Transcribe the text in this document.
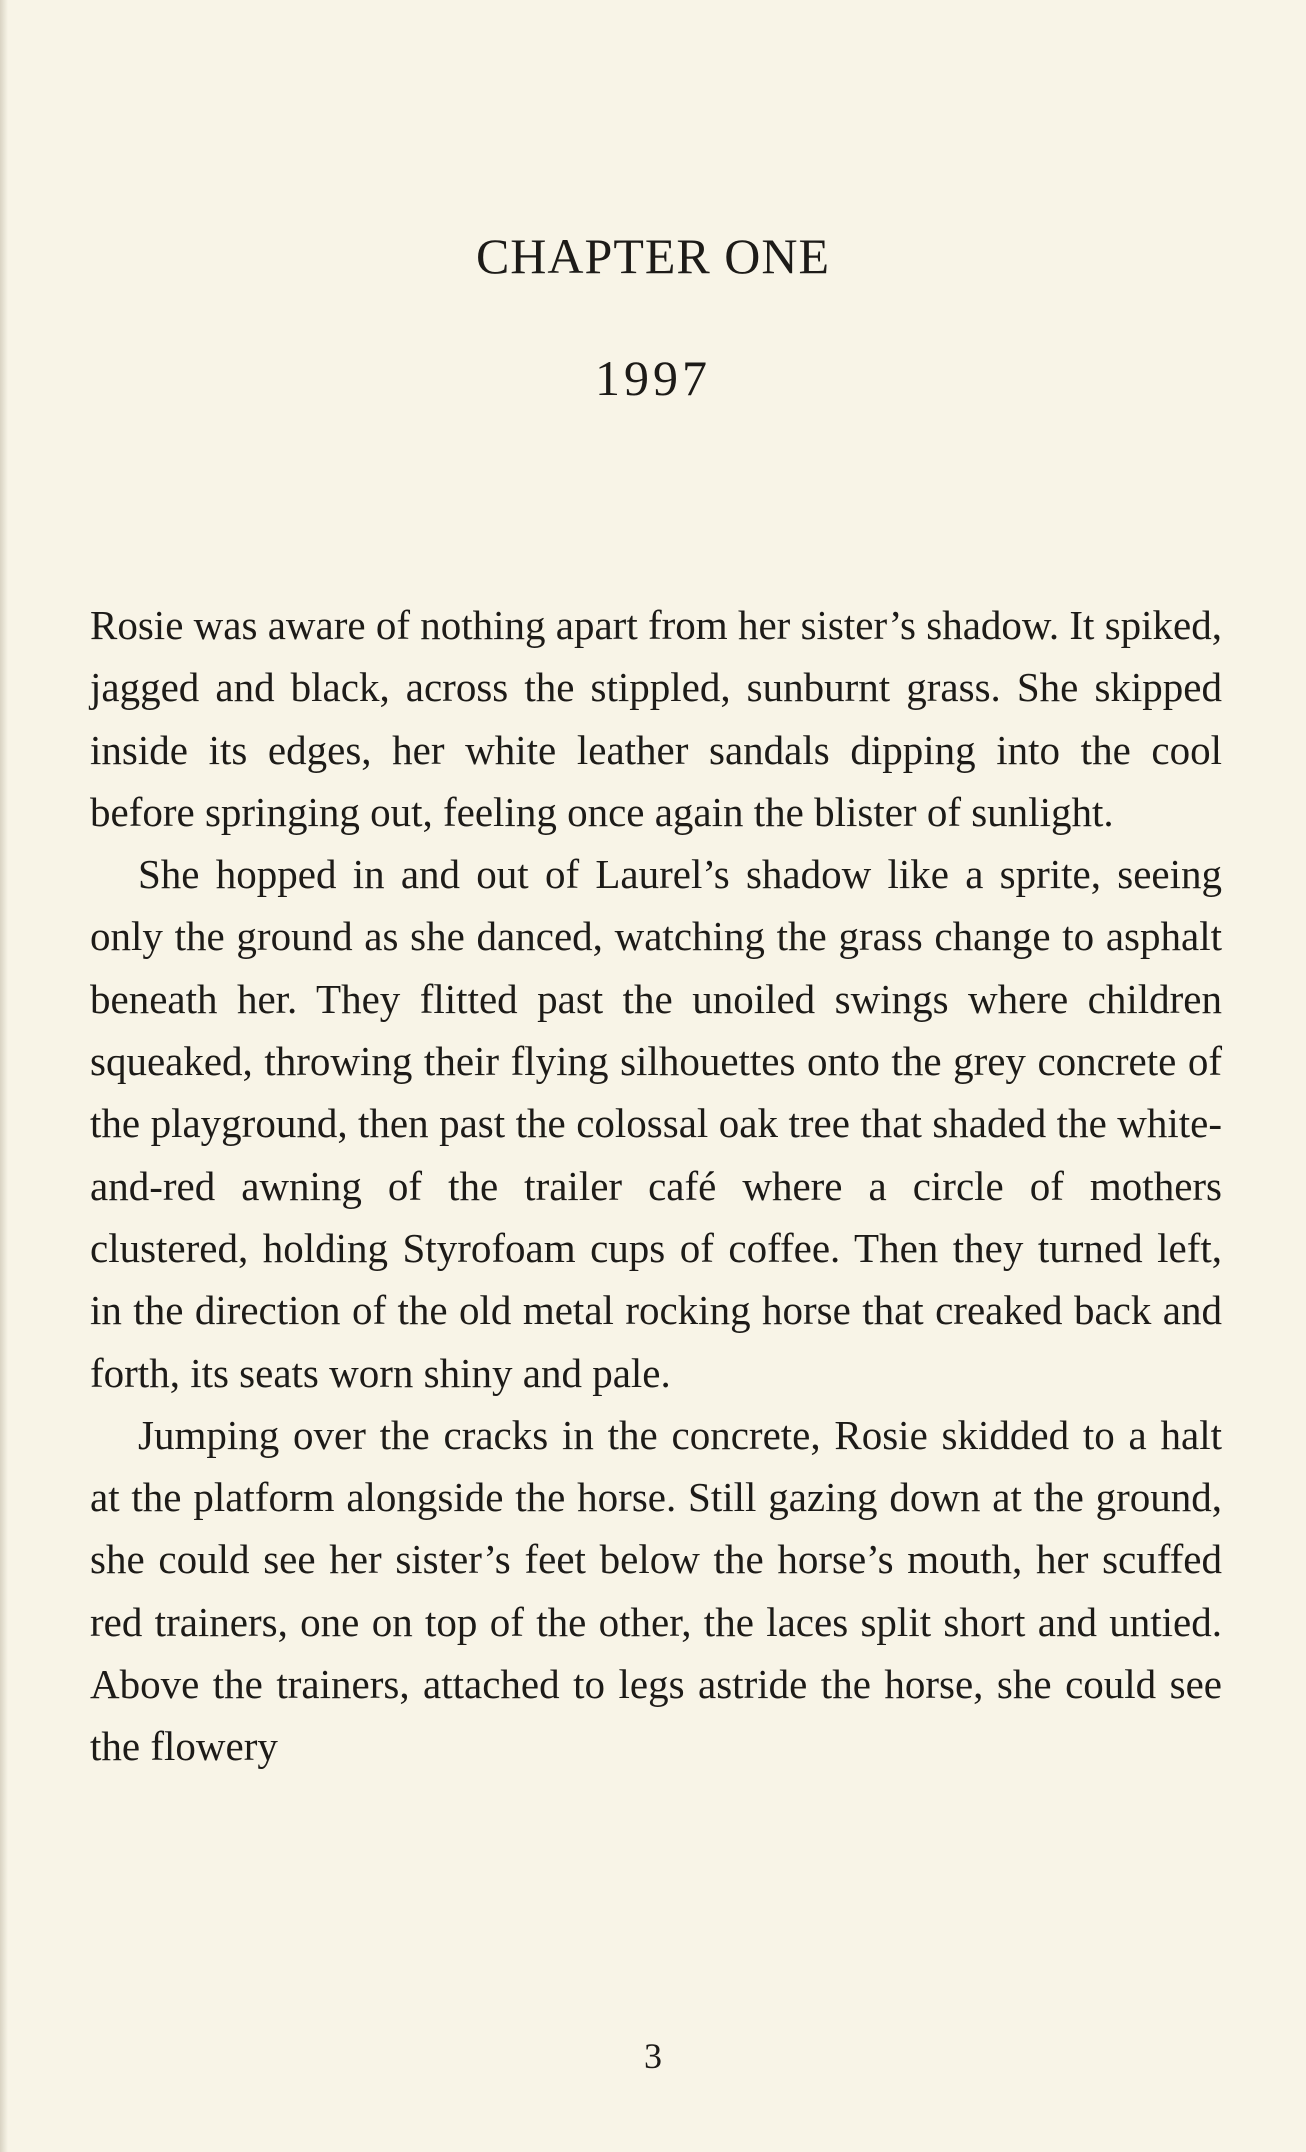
CHAPTER ONE
1997

Rosie was aware of nothing apart from her sister’s shadow. It spiked, jagged and black, across the stippled, sunburnt grass. She skipped inside its edges, her white leather sandals dipping into the cool before springing out, feeling once again the blister of sunlight.

She hopped in and out of Laurel’s shadow like a sprite, seeing only the ground as she danced, watching the grass change to asphalt beneath her. They flitted past the unoiled swings where children squeaked, throwing their flying silhouettes onto the grey concrete of the playground, then past the colossal oak tree that shaded the white-and-red awning of the trailer café where a circle of mothers clustered, holding Styrofoam cups of coffee. Then they turned left, in the direction of the old metal rocking horse that creaked back and forth, its seats worn shiny and pale.

Jumping over the cracks in the concrete, Rosie skidded to a halt at the platform alongside the horse. Still gazing down at the ground, she could see her sister’s feet below the horse’s mouth, her scuffed red trainers, one on top of the other, the laces split short and untied. Above the trainers, attached to legs astride the horse, she could see the flowery

3
